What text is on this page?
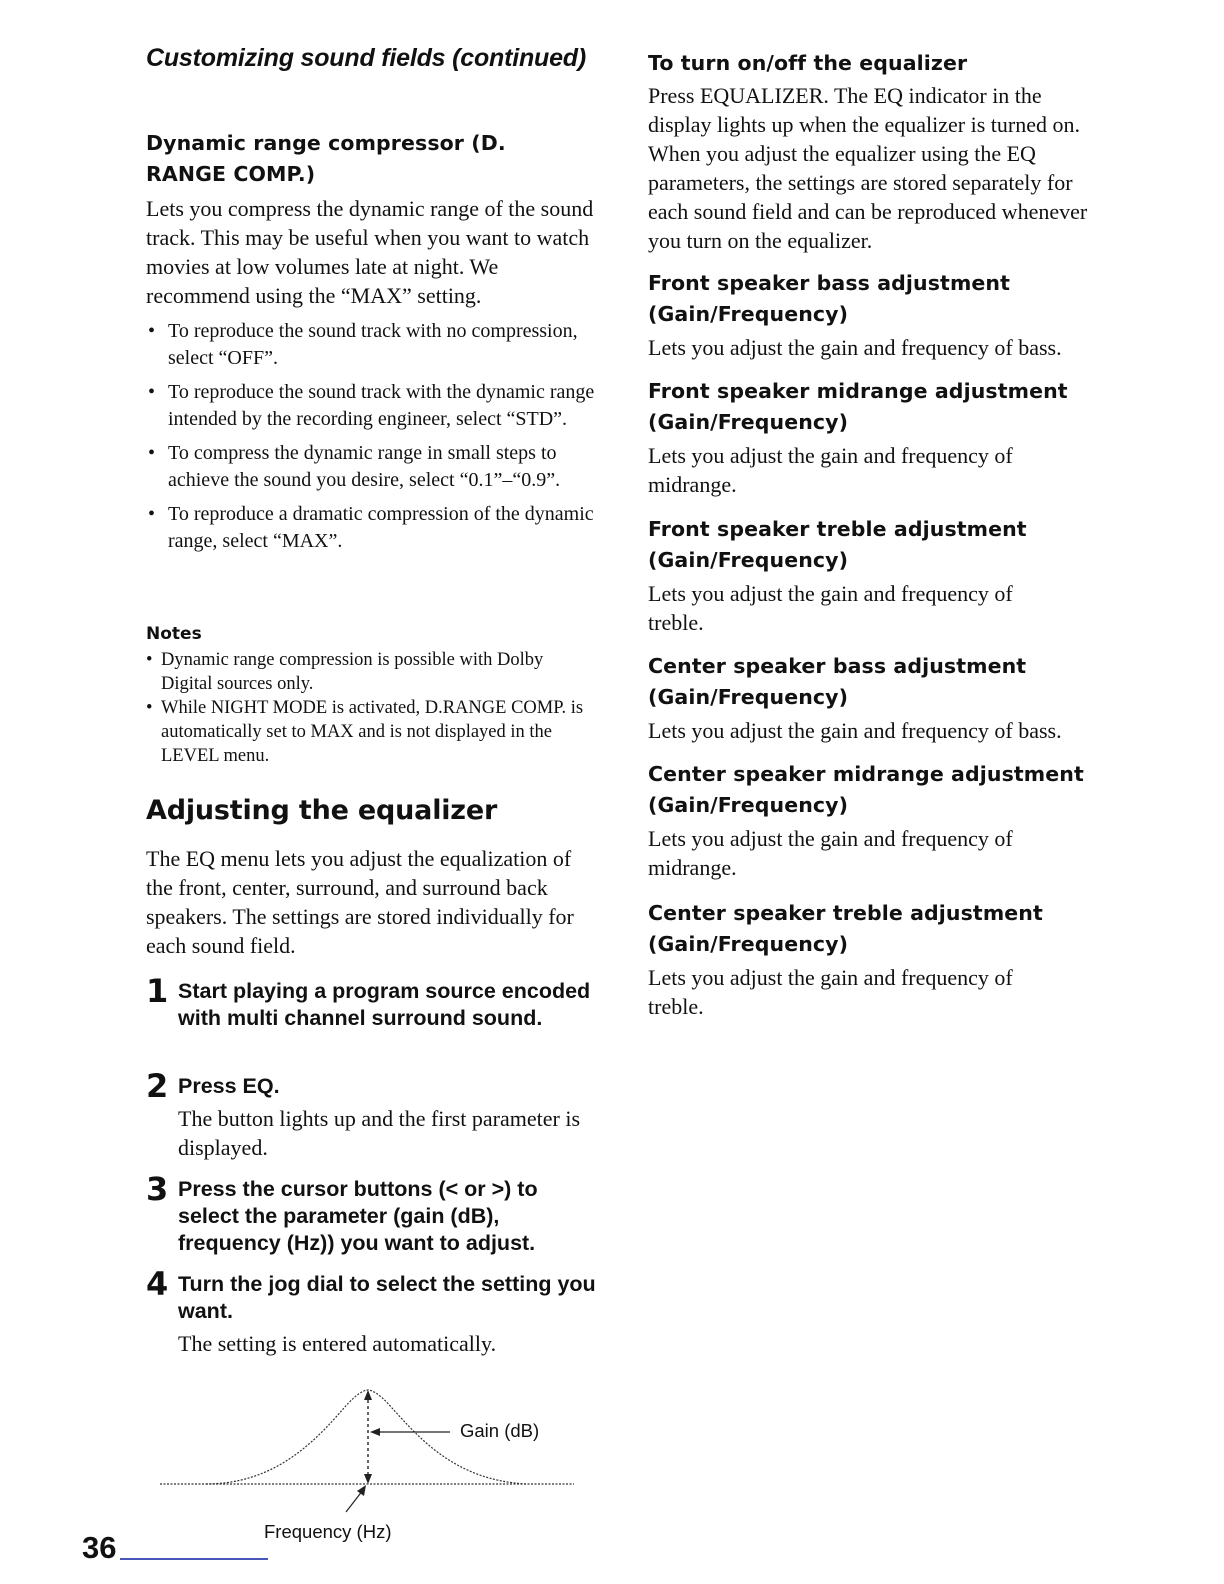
Customizing sound fields (continued)

Dynamic range compressor (D.

RANGE COMP.)

Lets you compress the dynamic range of the sound track. This may be useful when you want to watch movies at low volumes late at night. We recommend using the “MAX” setting.

• To reproduce the sound track with no compression, select “OFF”.
• To reproduce the sound track with the dynamic range intended by the recording engineer, select “STD”.
• To compress the dynamic range in small steps to achieve the sound you desire, select “0.1”–“0.9”.
• To reproduce a dramatic compression of the dynamic range, select “MAX”.

Notes

• Dynamic range compression is possible with Dolby Digital sources only.
• While NIGHT MODE is activated, D.RANGE COMP. is automatically set to MAX and is not displayed in the LEVEL menu.

Adjusting the equalizer

The EQ menu lets you adjust the equalization of the front, center, surround, and surround back speakers. The settings are stored individually for each sound field.

1 Start playing a program source encoded with multi channel surround sound.

2 Press EQ.

The button lights up and the first parameter is displayed.

3 Press the cursor buttons (< or >) to select the parameter (gain (dB), frequency (Hz)) you want to adjust.

4 Turn the jog dial to select the setting you want.

The setting is entered automatically.

Gain (dB)
Frequency (Hz)

To turn on/off the equalizer

Press EQUALIZER. The EQ indicator in the display lights up when the equalizer is turned on. When you adjust the equalizer using the EQ parameters, the settings are stored separately for each sound field and can be reproduced whenever you turn on the equalizer.

Front speaker bass adjustment

(Gain/Frequency)

Lets you adjust the gain and frequency of bass.

Front speaker midrange adjustment

(Gain/Frequency)

Lets you adjust the gain and frequency of midrange.

Front speaker treble adjustment

(Gain/Frequency)

Lets you adjust the gain and frequency of treble.

Center speaker bass adjustment

(Gain/Frequency)

Lets you adjust the gain and frequency of bass.

Center speaker midrange adjustment

(Gain/Frequency)

Lets you adjust the gain and frequency of midrange.

Center speaker treble adjustment

(Gain/Frequency)

Lets you adjust the gain and frequency of treble.

36
